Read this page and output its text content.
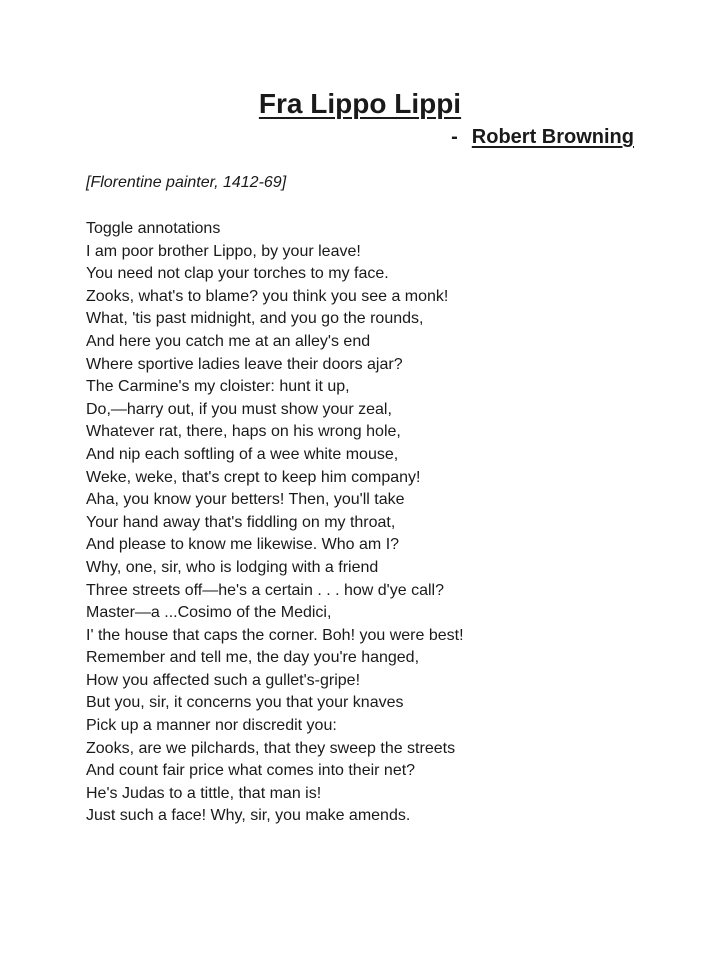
Fra Lippo Lippi

- Robert Browning

[Florentine painter, 1412-69]

Toggle annotations
I am poor brother Lippo, by your leave!
You need not clap your torches to my face.
Zooks, what's to blame? you think you see a monk!
What, 'tis past midnight, and you go the rounds,
And here you catch me at an alley's end
Where sportive ladies leave their doors ajar?
The Carmine's my cloister: hunt it up,
Do,—harry out, if you must show your zeal,
Whatever rat, there, haps on his wrong hole,
And nip each softling of a wee white mouse,
Weke, weke, that's crept to keep him company!
Aha, you know your betters! Then, you'll take
Your hand away that's fiddling on my throat,
And please to know me likewise. Who am I?
Why, one, sir, who is lodging with a friend
Three streets off—he's a certain . . . how d'ye call?
Master—a ...Cosimo of the Medici,
I' the house that caps the corner. Boh! you were best!
Remember and tell me, the day you're hanged,
How you affected such a gullet's-gripe!
But you, sir, it concerns you that your knaves
Pick up a manner nor discredit you:
Zooks, are we pilchards, that they sweep the streets
And count fair price what comes into their net?
He's Judas to a tittle, that man is!
Just such a face! Why, sir, you make amends.
